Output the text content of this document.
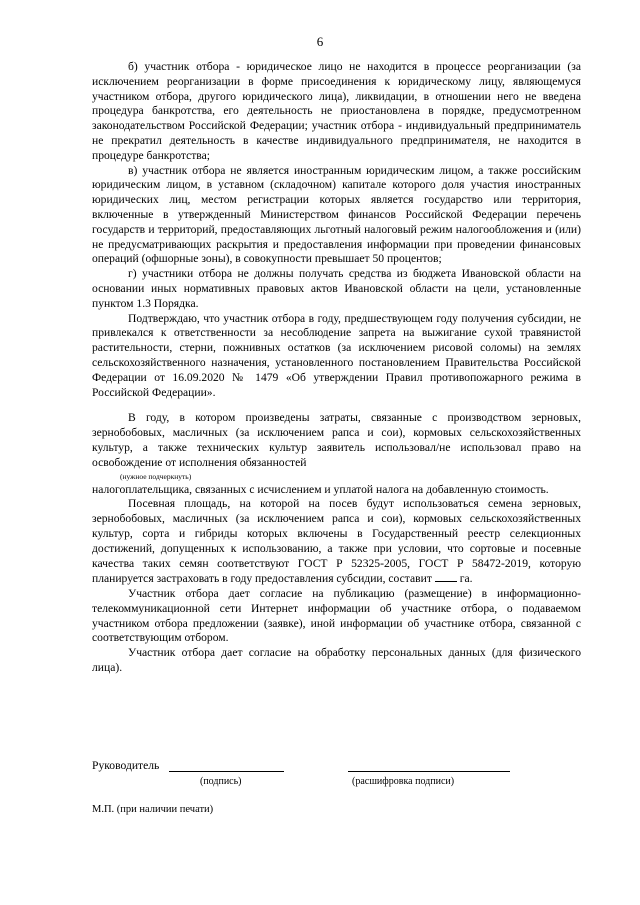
6

б) участник отбора - юридическое лицо не находится в процессе реорганизации (за исключением реорганизации в форме присоединения к юридическому лицу, являющемуся участником отбора, другого юридического лица), ликвидации, в отношении него не введена процедура банкротства, его деятельность не приостановлена в порядке, предусмотренном законодательством Российской Федерации; участник отбора - индивидуальный предприниматель не прекратил деятельность в качестве индивидуального предпринимателя, не находится в процедуре банкротства;

в) участник отбора не является иностранным юридическим лицом, а также российским юридическим лицом, в уставном (складочном) капитале которого доля участия иностранных юридических лиц, местом регистрации которых является государство или территория, включенные в утвержденный Министерством финансов Российской Федерации перечень государств и территорий, предоставляющих льготный налоговый режим налогообложения и (или) не предусматривающих раскрытия и предоставления информации при проведении финансовых операций (офшорные зоны), в совокупности превышает 50 процентов;

г) участники отбора не должны получать средства из бюджета Ивановской области на основании иных нормативных правовых актов Ивановской области на цели, установленные пунктом 1.3 Порядка.

Подтверждаю, что участник отбора в году, предшествующем году получения субсидии, не привлекался к ответственности за несоблюдение запрета на выжигание сухой травянистой растительности, стерни, пожнивных остатков (за исключением рисовой соломы) на землях сельскохозяйственного назначения, установленного постановлением Правительства Российской Федерации от 16.09.2020 № 1479 «Об утверждении Правил противопожарного режима в Российской Федерации».

В году, в котором произведены затраты, связанные с производством зерновых, зернобобовых, масличных (за исключением рапса и сои), кормовых сельскохозяйственных культур, а также технических культур заявитель использовал/не использовал право на освобождение от исполнения обязанностей

(нужное подчеркнуть)

налогоплательщика, связанных с исчислением и уплатой налога на добавленную стоимость.

Посевная площадь, на которой на посев будут использоваться семена зерновых, зернобобовых, масличных (за исключением рапса и сои), кормовых сельскохозяйственных культур, сорта и гибриды которых включены в Государственный реестр селекционных достижений, допущенных к использованию, а также при условии, что сортовые и посевные качества таких семян соответствуют ГОСТ Р 52325-2005, ГОСТ Р 58472-2019, которую планируется застраховать в году предоставления субсидии, составит га.

Участник отбора дает согласие на публикацию (размещение) в информационно-телекоммуникационной сети Интернет информации об участнике отбора, о подаваемом участником отбора предложении (заявке), иной информации об участнике отбора, связанной с соответствующим отбором.

Участник отбора дает согласие на обработку персональных данных (для физического лица).

Руководитель
(подпись)	(расшифровка подписи)
М.П. (при наличии печати)
